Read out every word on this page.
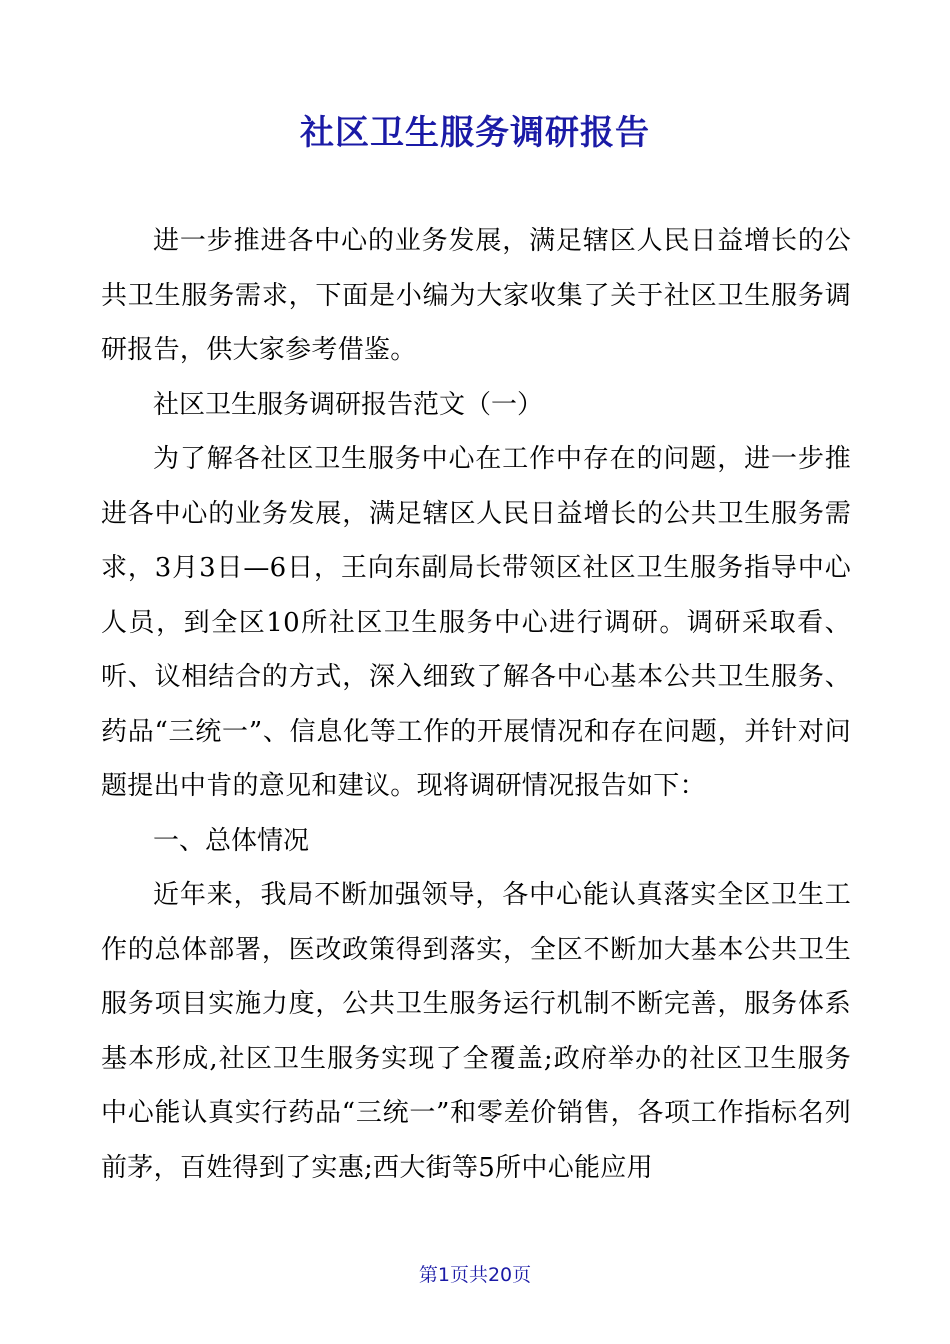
社区卫生服务调研报告

进一步推进各中心的业务发展，满足辖区人民日益增长的公共卫生服务需求，下面是小编为大家收集了关于社区卫生服务调研报告，供大家参考借鉴。

社区卫生服务调研报告范文（一）

为了解各社区卫生服务中心在工作中存在的问题，进一步推进各中心的业务发展，满足辖区人民日益增长的公共卫生服务需求，3月3日—6日，王向东副局长带领区社区卫生服务指导中心人员，到全区10所社区卫生服务中心进行调研。调研采取看、听、议相结合的方式，深入细致了解各中心基本公共卫生服务、药品“三统一”、信息化等工作的开展情况和存在问题，并针对问题提出中肯的意见和建议。现将调研情况报告如下：

一、总体情况

近年来，我局不断加强领导，各中心能认真落实全区卫生工作的总体部署，医改政策得到落实，全区不断加大基本公共卫生服务项目实施力度，公共卫生服务运行机制不断完善，服务体系基本形成,社区卫生服务实现了全覆盖;政府举办的社区卫生服务中心能认真实行药品“三统一”和零差价销售，各项工作指标名列前茅，百姓得到了实惠;西大街等5所中心能应用

第1页共20页
